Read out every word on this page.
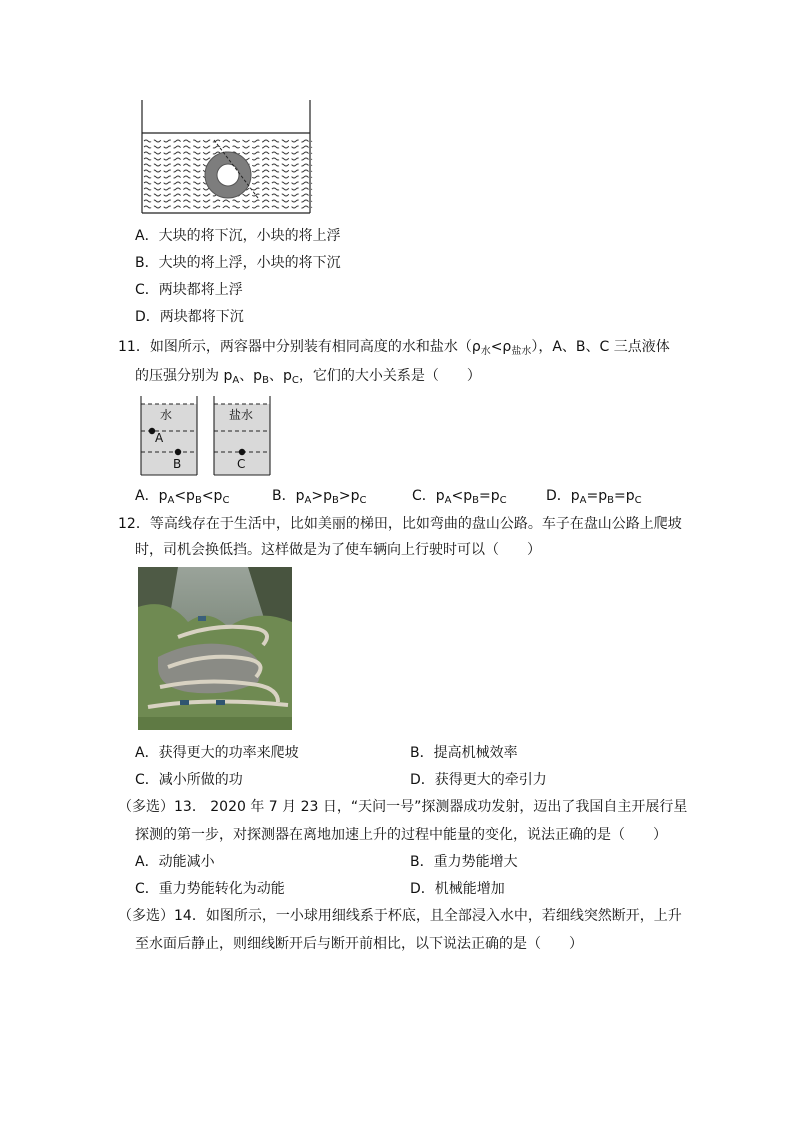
A．大块的将下沉，小块的将上浮
B．大块的将上浮，小块的将下沉
C．两块都将上浮
D．两块都将下沉
11．如图所示，两容器中分别装有相同高度的水和盐水$(\rho_水<\rho_{盐水})$，A、B、C 三点液体
的压强分别为 $p_A$、$p_B$、$p_C$，它们的大小关系是（　　）
水	盐水
A
B	C
A．$p_A<p_B<p_C$	B．$p_A>p_B>p_C$	C．$p_A<p_B=p_C$	D．$p_A=p_B=p_C$
12．等高线存在于生活中，比如美丽的梯田，比如弯曲的盘山公路。车子在盘山公路上爬坡
时，司机会换低挡。这样做是为了使车辆向上行驶时可以（　　）
A．获得更大的功率来爬坡	B．提高机械效率
C．减小所做的功	D．获得更大的牵引力
（多选）13． 2020 年 7 月 23 日，“天问一号”探测器成功发射，迈出了我国自主开展行星
探测的第一步，对探测器在离地加速上升的过程中能量的变化，说法正确的是（　　）
A．动能减小	B．重力势能增大
C．重力势能转化为动能	D．机械能增加
（多选）14．如图所示，一小球用细线系于杯底，且全部浸入水中，若细线突然断开，上升
至水面后静止，则细线断开后与断开前相比，以下说法正确的是（　　）
